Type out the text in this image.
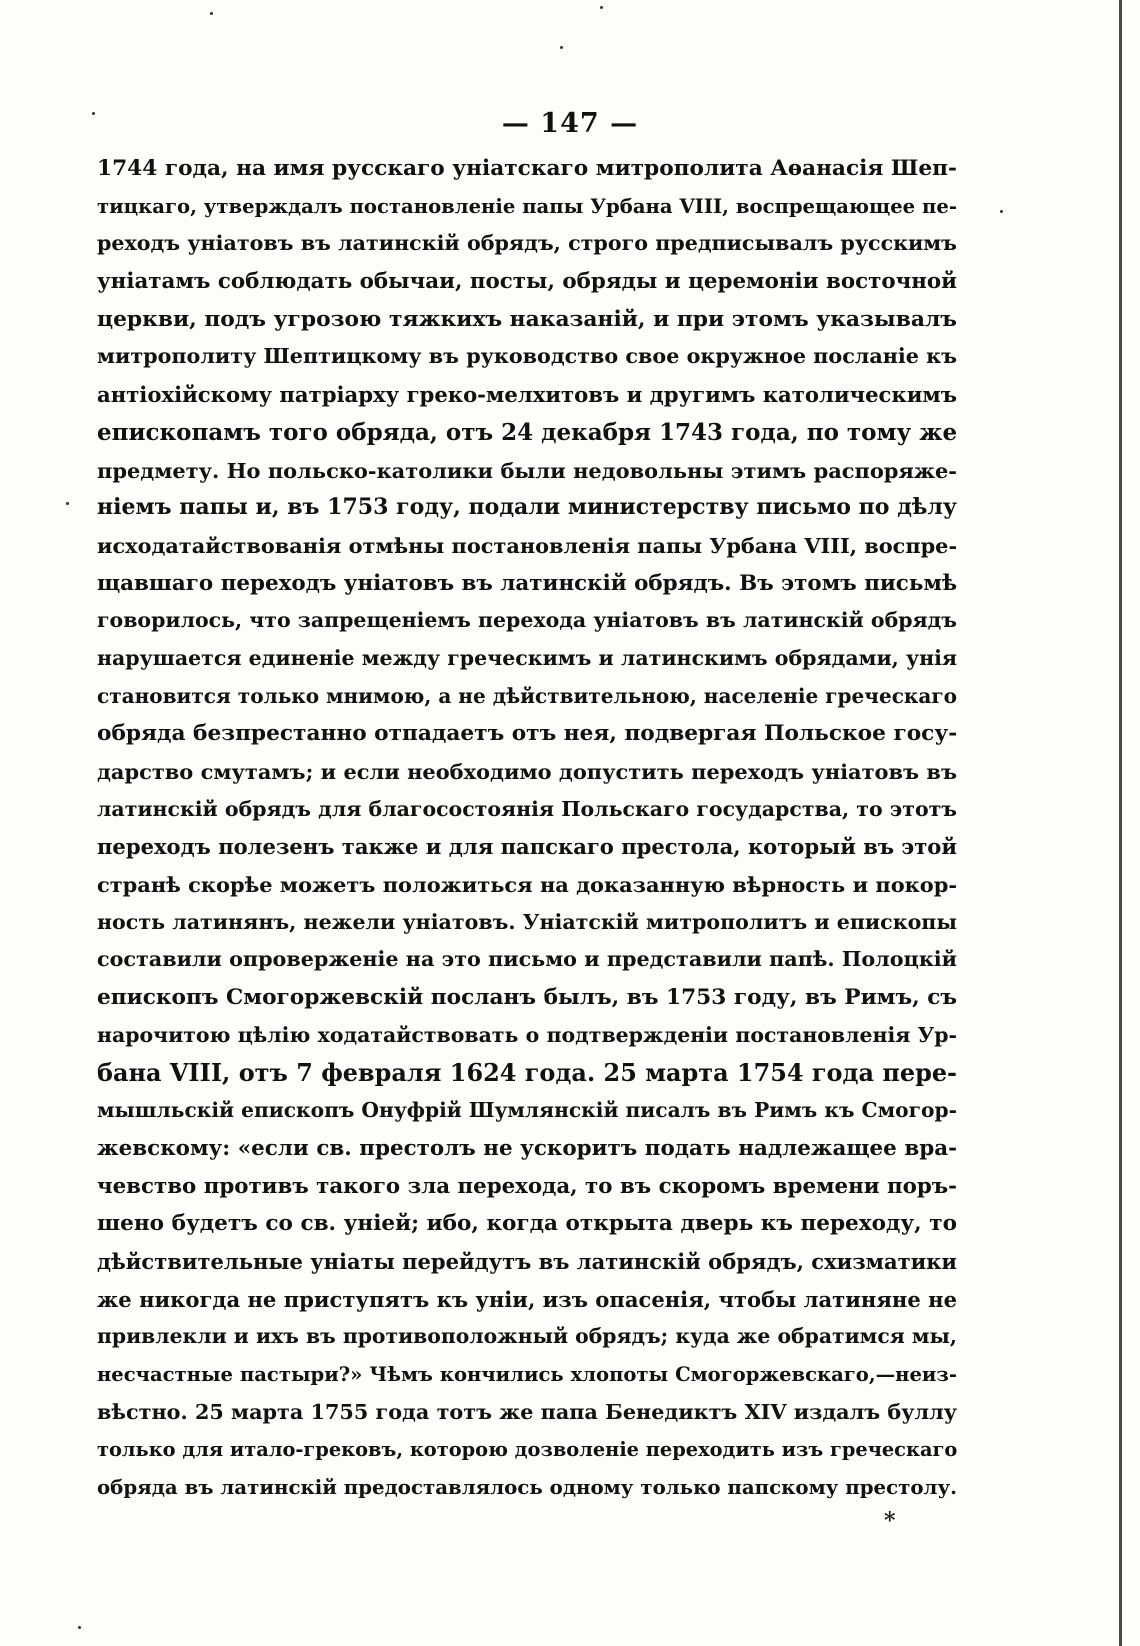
— 147 —
1744 года, на имя русскаго уніатскаго митрополита Аѳанасія Шеп-
тицкаго, утверждалъ постановленіе папы Урбана VIII, воспрещающее пе-
реходъ уніатовъ въ латинскій обрядъ, строго предписывалъ русскимъ
уніатамъ соблюдать обычаи, посты, обряды и церемоніи восточной
церкви, подъ угрозою тяжкихъ наказаній, и при этомъ указывалъ
митрополиту Шептицкому въ руководство свое окружное посланіе къ
антіохійскому патріарху греко-мелхитовъ и другимъ католическимъ
епископамъ того обряда, отъ 24 декабря 1743 года, по тому же
предмету. Но польско-католики были недовольны этимъ распоряже-
ніемъ папы и, въ 1753 году, подали министерству письмо по дѣлу
исходатайствованія отмѣны постановленія папы Урбана VIII, воспре-
щавшаго переходъ уніатовъ въ латинскій обрядъ. Въ этомъ письмѣ
говорилось, что запрещеніемъ перехода уніатовъ въ латинскій обрядъ
нарушается единеніе между греческимъ и латинскимъ обрядами, унія
становится только мнимою, а не дѣйствительною, населеніе греческаго
обряда безпрестанно отпадаетъ отъ нея, подвергая Польское госу-
дарство смутамъ; и если необходимо допустить переходъ уніатовъ въ
латинскій обрядъ для благосостоянія Польскаго государства, то этотъ
переходъ полезенъ также и для папскаго престола, который въ этой
странѣ скорѣе можетъ положиться на доказанную вѣрность и покор-
ность латинянъ, нежели уніатовъ. Уніатскій митрополитъ и епископы
составили опроверженіе на это письмо и представили папѣ. Полоцкій
епископъ Смогоржевскій посланъ былъ, въ 1753 году, въ Римъ, съ
нарочитою цѣлію ходатайствовать о подтвержденіи постановленія Ур-
бана VIII, отъ 7 февраля 1624 года. 25 марта 1754 года пере-
мышльскій епископъ Онуфрій Шумлянскій писалъ въ Римъ къ Смогор-
жевскому: «если св. престолъ не ускоритъ подать надлежащее вра-
чевство противъ такого зла перехода, то въ скоромъ времени поръ-
шено будетъ со св. уніей; ибо, когда открыта дверь къ переходу, то
дѣйствительные уніаты перейдутъ въ латинскій обрядъ, схизматики
же никогда не приступятъ къ уніи, изъ опасенія, чтобы латиняне не
привлекли и ихъ въ противоположный обрядъ; куда же обратимся мы,
несчастные пастыри?» Чѣмъ кончились хлопоты Смогоржевскаго,—неиз-
вѣстно. 25 марта 1755 года тотъ же папа Бенедиктъ XIV издалъ буллу
только для итало-грековъ, которою дозволеніе переходить изъ греческаго
обряда въ латинскій предоставлялось одному только папскому престолу.
*
